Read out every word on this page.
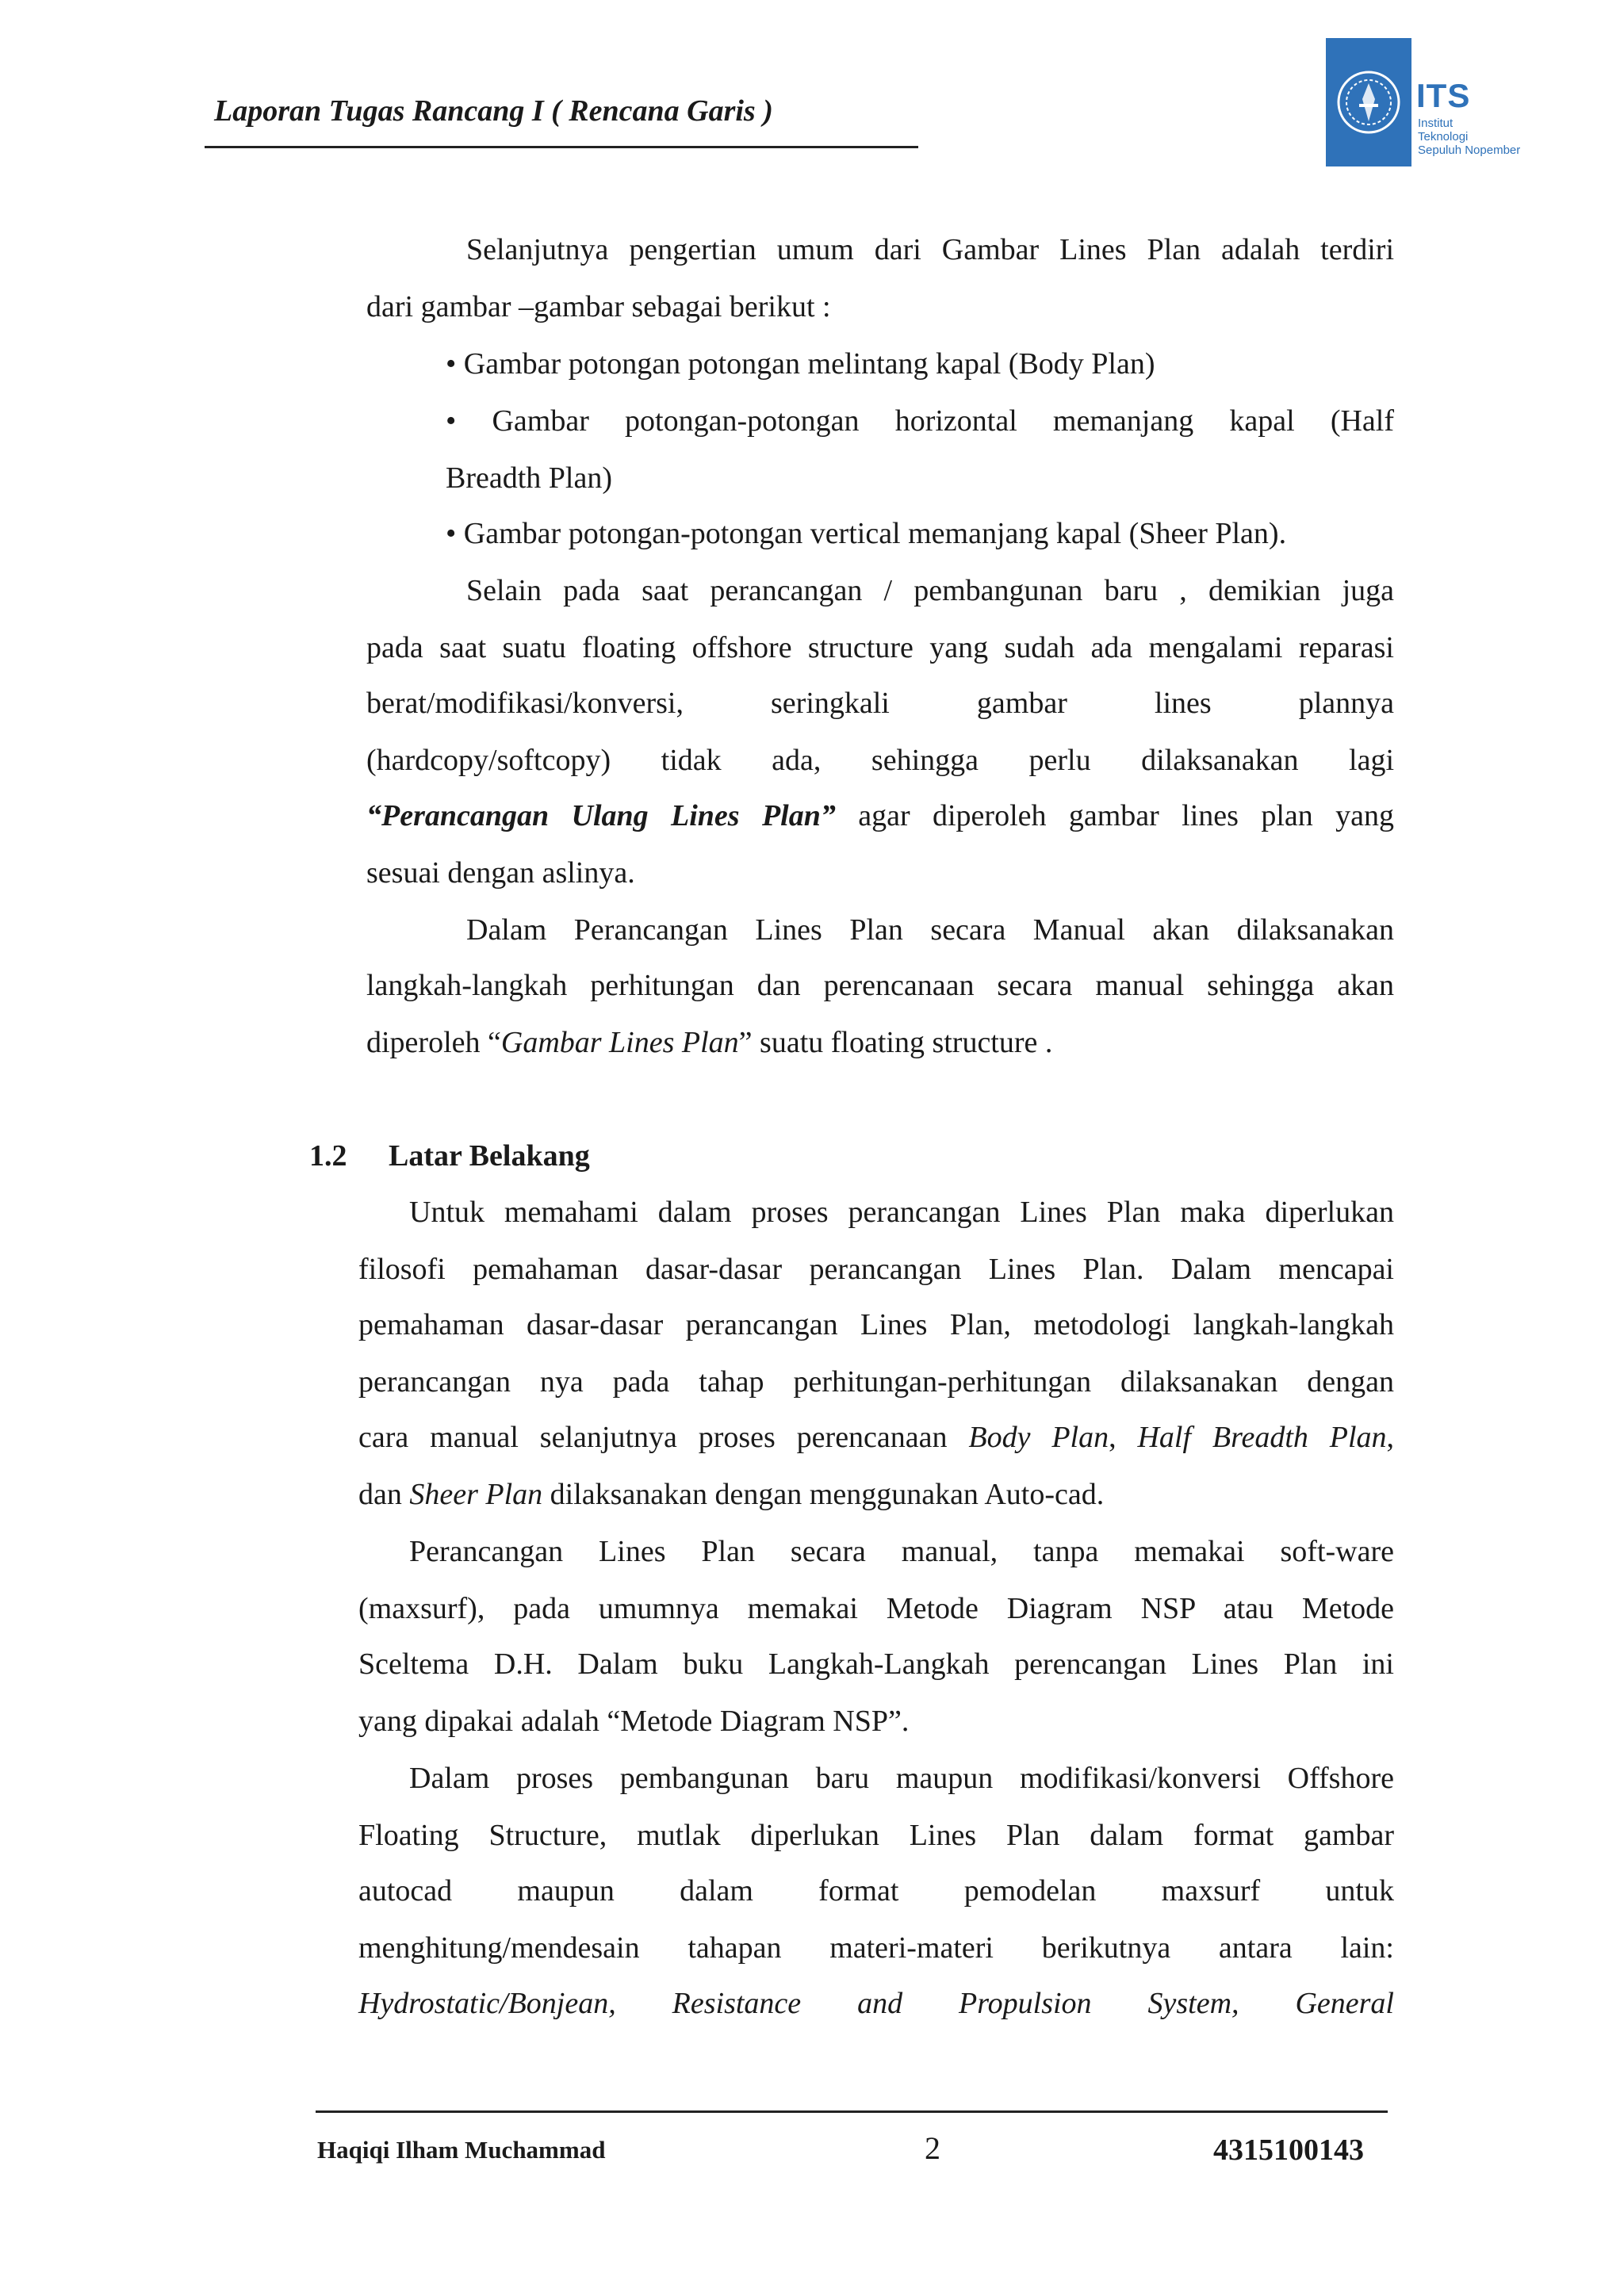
Laporan Tugas Rancang I ( Rencana Garis )	ITS
Institut
Teknologi
Sepuluh Nopember

Selanjutnya pengertian umum dari Gambar Lines Plan adalah terdiri

dari gambar –gambar sebagai berikut :

• Gambar potongan potongan melintang kapal (Body Plan)

• Gambar potongan-potongan horizontal memanjang kapal (Half

Breadth Plan)

• Gambar potongan-potongan vertical memanjang kapal (Sheer Plan).

Selain pada saat perancangan / pembangunan baru , demikian juga

pada saat suatu floating offshore structure yang sudah ada mengalami reparasi

berat/modifikasi/konversi, seringkali gambar lines plannya

(hardcopy/softcopy) tidak ada, sehingga perlu dilaksanakan lagi

“Perancangan Ulang Lines Plan” agar diperoleh gambar lines plan yang

sesuai dengan aslinya.

Dalam Perancangan Lines Plan secara Manual akan dilaksanakan

langkah-langkah perhitungan dan perencanaan secara manual sehingga akan

diperoleh “Gambar Lines Plan” suatu floating structure .

1.2 Latar Belakang

Untuk memahami dalam proses perancangan Lines Plan maka diperlukan

filosofi pemahaman dasar-dasar perancangan Lines Plan. Dalam mencapai

pemahaman dasar-dasar perancangan Lines Plan, metodologi langkah-langkah

perancangan nya pada tahap perhitungan-perhitungan dilaksanakan dengan

cara manual selanjutnya proses perencanaan Body Plan, Half Breadth Plan,

dan Sheer Plan dilaksanakan dengan menggunakan Auto-cad.

Perancangan Lines Plan secara manual, tanpa memakai soft-ware

(maxsurf), pada umumnya memakai Metode Diagram NSP atau Metode

Sceltema D.H. Dalam buku Langkah-Langkah perencangan Lines Plan ini

yang dipakai adalah “Metode Diagram NSP”.

Dalam proses pembangunan baru maupun modifikasi/konversi Offshore

Floating Structure, mutlak diperlukan Lines Plan dalam format gambar

autocad maupun dalam format pemodelan maxsurf untuk

menghitung/mendesain tahapan materi-materi berikutnya antara lain:

Hydrostatic/Bonjean, Resistance and Propulsion System, General

Haqiqi Ilham Muchammad	2	4315100143
